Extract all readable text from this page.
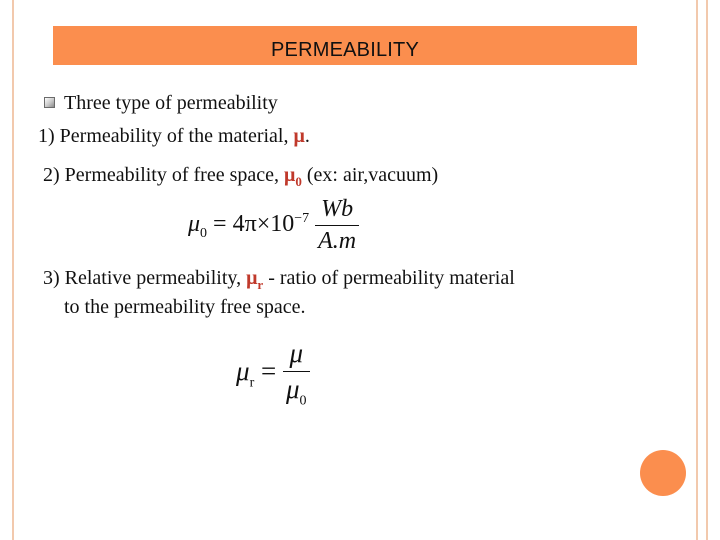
PERMEABILITY
Three type of permeability
1) Permeability of the material, μ.
2) Permeability of free space, $\mu_0$ (ex: air,vacuum)
$\mu_0 = 4\pi\times 10^{-7} \frac{Wb}{A.m}$
3) Relative permeability, $\mu_r$ - ratio of permeability material
to the permeability free space.
$\mu_r = \frac{\mu}{\mu_0}$
